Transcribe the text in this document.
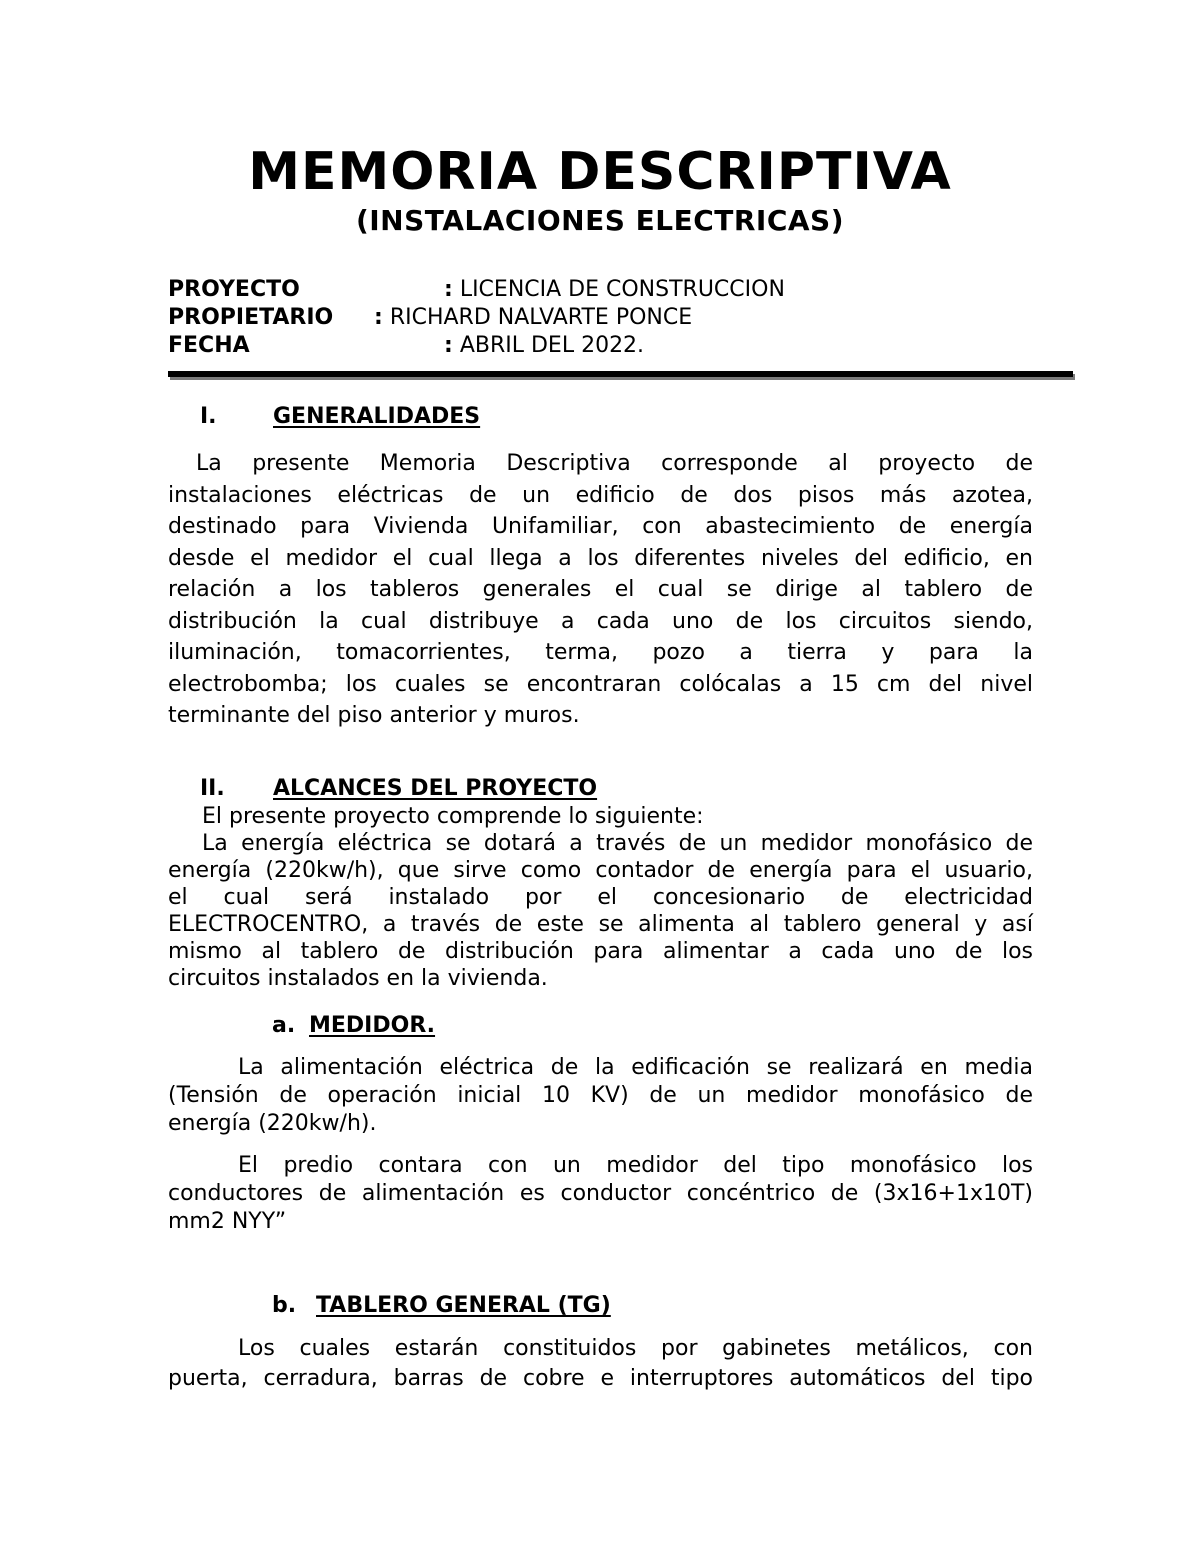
MEMORIA DESCRIPTIVA
(INSTALACIONES ELECTRICAS)
PROYECTO	: LICENCIA DE CONSTRUCCION
PROPIETARIO : RICHARD NALVARTE PONCE
FECHA	: ABRIL DEL 2022.
I.	GENERALIDADES
La presente Memoria Descriptiva corresponde al proyecto de
instalaciones eléctricas de un edificio de dos pisos más azotea,
destinado para Vivienda Unifamiliar, con abastecimiento de energía
desde el medidor el cual llega a los diferentes niveles del edificio, en
relación a los tableros generales el cual se dirige al tablero de
distribución la cual distribuye a cada uno de los circuitos siendo,
iluminación, tomacorrientes, terma, pozo a tierra y para la
electrobomba; los cuales se encontraran colócalas a 15 cm del nivel
terminante del piso anterior y muros.
II. ALCANCES DEL PROYECTO
El presente proyecto comprende lo siguiente:
La energía eléctrica se dotará a través de un medidor monofásico de
energía (220kw/h), que sirve como contador de energía para el usuario,
el cual será instalado por el concesionario de electricidad
ELECTROCENTRO, a través de este se alimenta al tablero general y así
mismo al tablero de distribución para alimentar a cada uno de los
circuitos instalados en la vivienda.
a. MEDIDOR.
La alimentación eléctrica de la edificación se realizará en media
(Tensión de operación inicial 10 KV) de un medidor monofásico de
energía (220kw/h).
El predio contara con un medidor del tipo monofásico los
conductores de alimentación es conductor concéntrico de (3x16+1x10T)
mm2 NYY”
b. TABLERO GENERAL (TG)
Los cuales estarán constituidos por gabinetes metálicos, con
puerta, cerradura, barras de cobre e interruptores automáticos del tipo
